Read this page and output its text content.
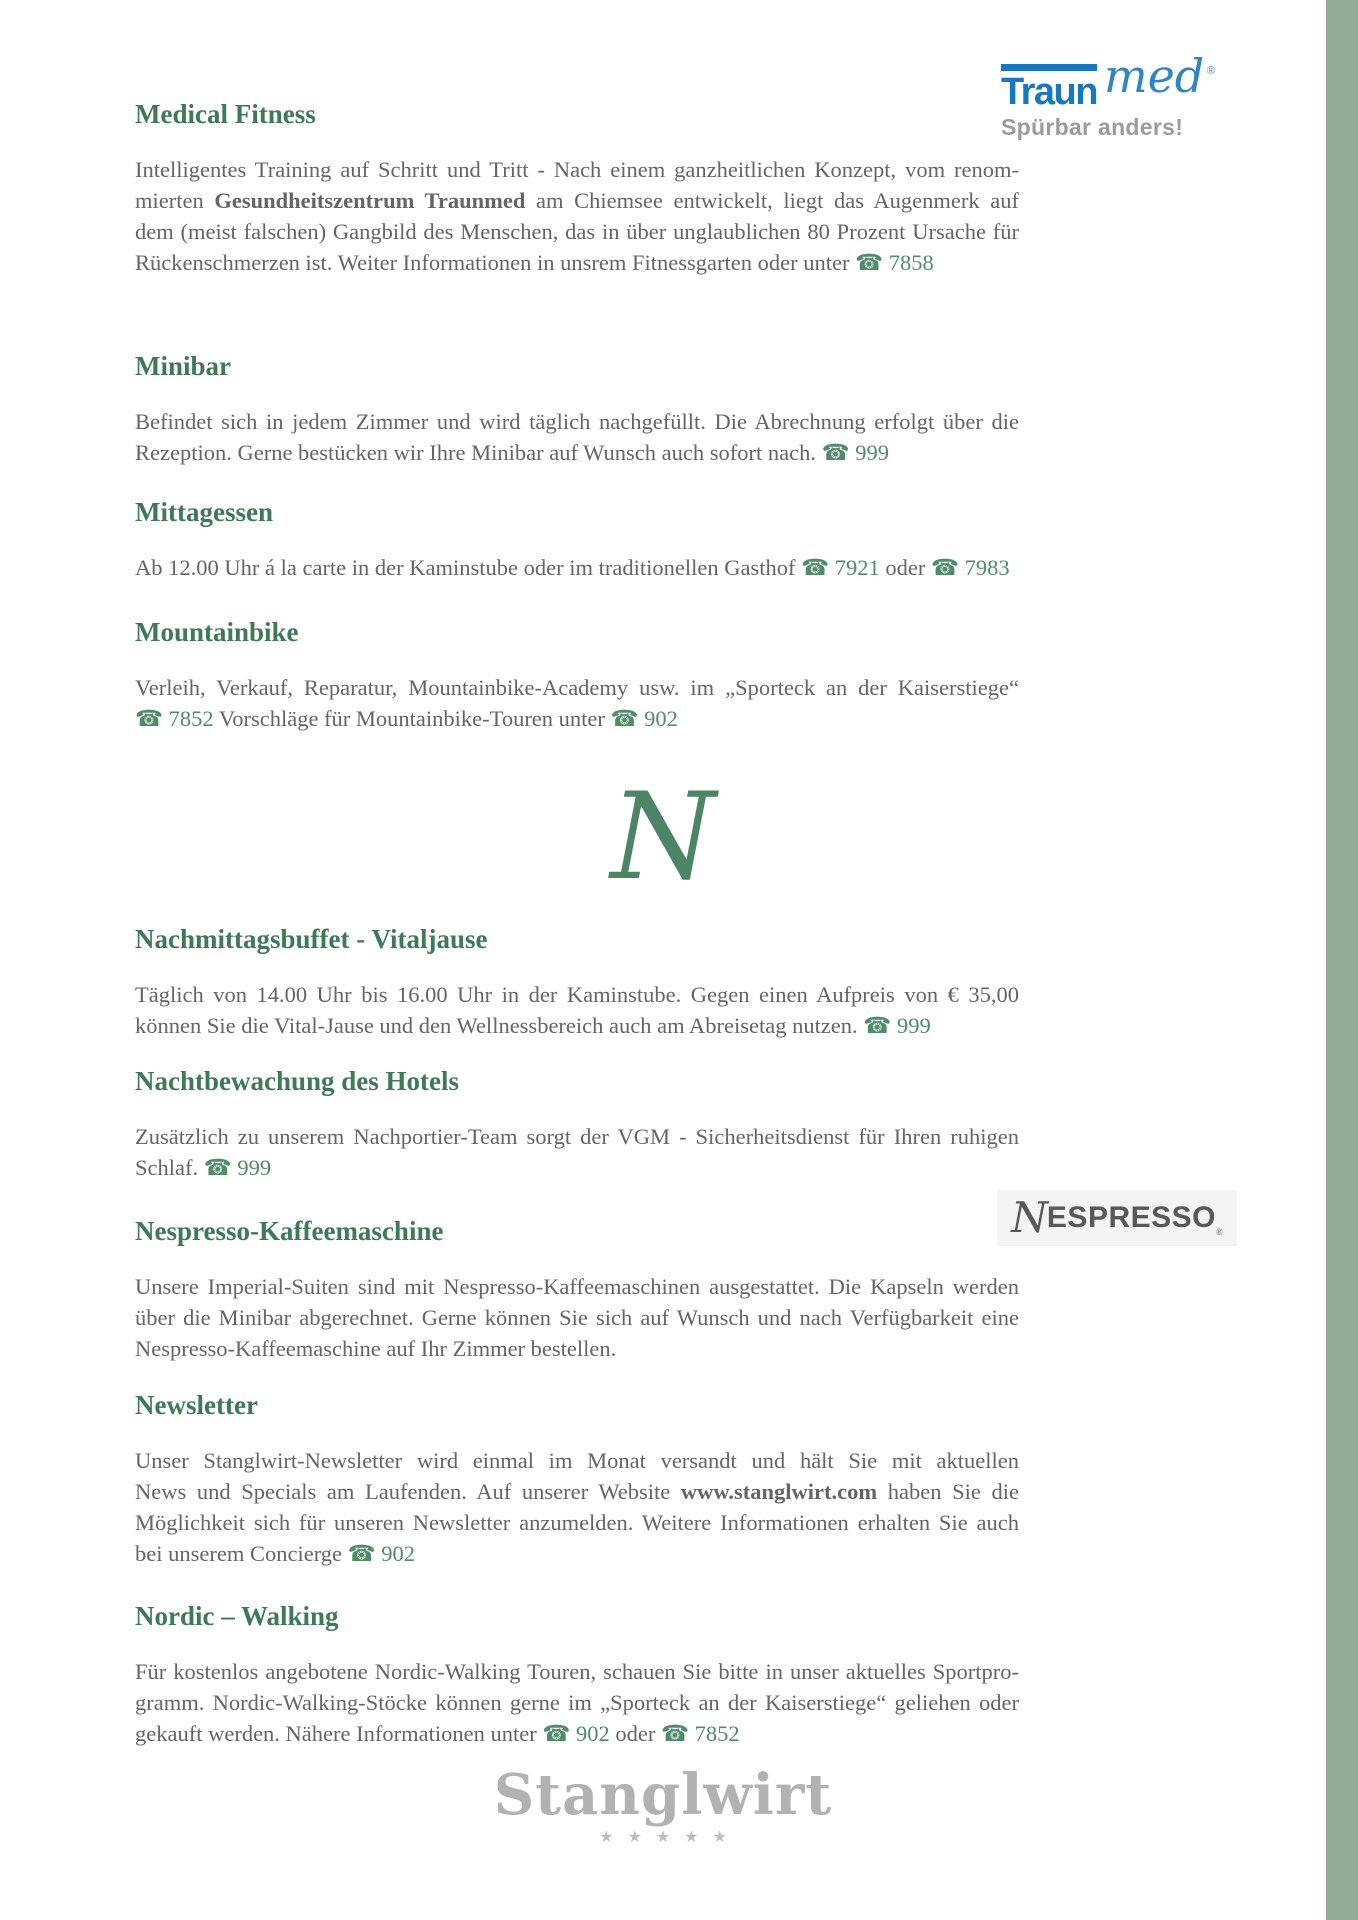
Traun med ®
Spürbar anders!
Medical Fitness
Intelligentes Training auf Schritt und Tritt - Nach einem ganzheitlichen Konzept, vom renom-
mierten Gesundheitszentrum Traunmed am Chiemsee entwickelt, liegt das Augenmerk auf
dem (meist falschen) Gangbild des Menschen, das in über unglaublichen 80 Prozent Ursache für
Rückenschmerzen ist. Weiter Informationen in unsrem Fitnessgarten oder unter ☎ 7858
Minibar
Befindet sich in jedem Zimmer und wird täglich nachgefüllt. Die Abrechnung erfolgt über die
Rezeption. Gerne bestücken wir Ihre Minibar auf Wunsch auch sofort nach. ☎ 999
Mittagessen
Ab 12.00 Uhr á la carte in der Kaminstube oder im traditionellen Gasthof ☎ 7921 oder ☎ 7983
Mountainbike
Verleih, Verkauf, Reparatur, Mountainbike-Academy usw. im „Sporteck an der Kaiserstiege“
☎ 7852 Vorschläge für Mountainbike-Touren unter ☎ 902
Nachmittagsbuffet - Vitaljause
Täglich von 14.00 Uhr bis 16.00 Uhr in der Kaminstube. Gegen einen Aufpreis von € 35,00
können Sie die Vital-Jause und den Wellnessbereich auch am Abreisetag nutzen. ☎ 999
Nachtbewachung des Hotels
Zusätzlich zu unserem Nachportier-Team sorgt der VGM - Sicherheitsdienst für Ihren ruhigen
Schlaf. ☎ 999
Nespresso-Kaffeemaschine
Unsere Imperial-Suiten sind mit Nespresso-Kaffeemaschinen ausgestattet. Die Kapseln werden
über die Minibar abgerechnet. Gerne können Sie sich auf Wunsch und nach Verfügbarkeit eine
Nespresso-Kaffeemaschine auf Ihr Zimmer bestellen.
Newsletter
Unser Stanglwirt-Newsletter wird einmal im Monat versandt und hält Sie mit aktuellen
News und Specials am Laufenden. Auf unserer Website www.stanglwirt.com haben Sie die
Möglichkeit sich für unseren Newsletter anzumelden. Weitere Informationen erhalten Sie auch
bei unserem Concierge ☎ 902
Nordic – Walking
Für kostenlos angebotene Nordic-Walking Touren, schauen Sie bitte in unser aktuelles Sportpro-
gramm. Nordic-Walking-Stöcke können gerne im „Sporteck an der Kaiserstiege“ geliehen oder
gekauft werden. Nähere Informationen unter ☎ 902 oder ☎ 7852
N
N ESPRESSO ®
Stanglwirt
★★★★★
